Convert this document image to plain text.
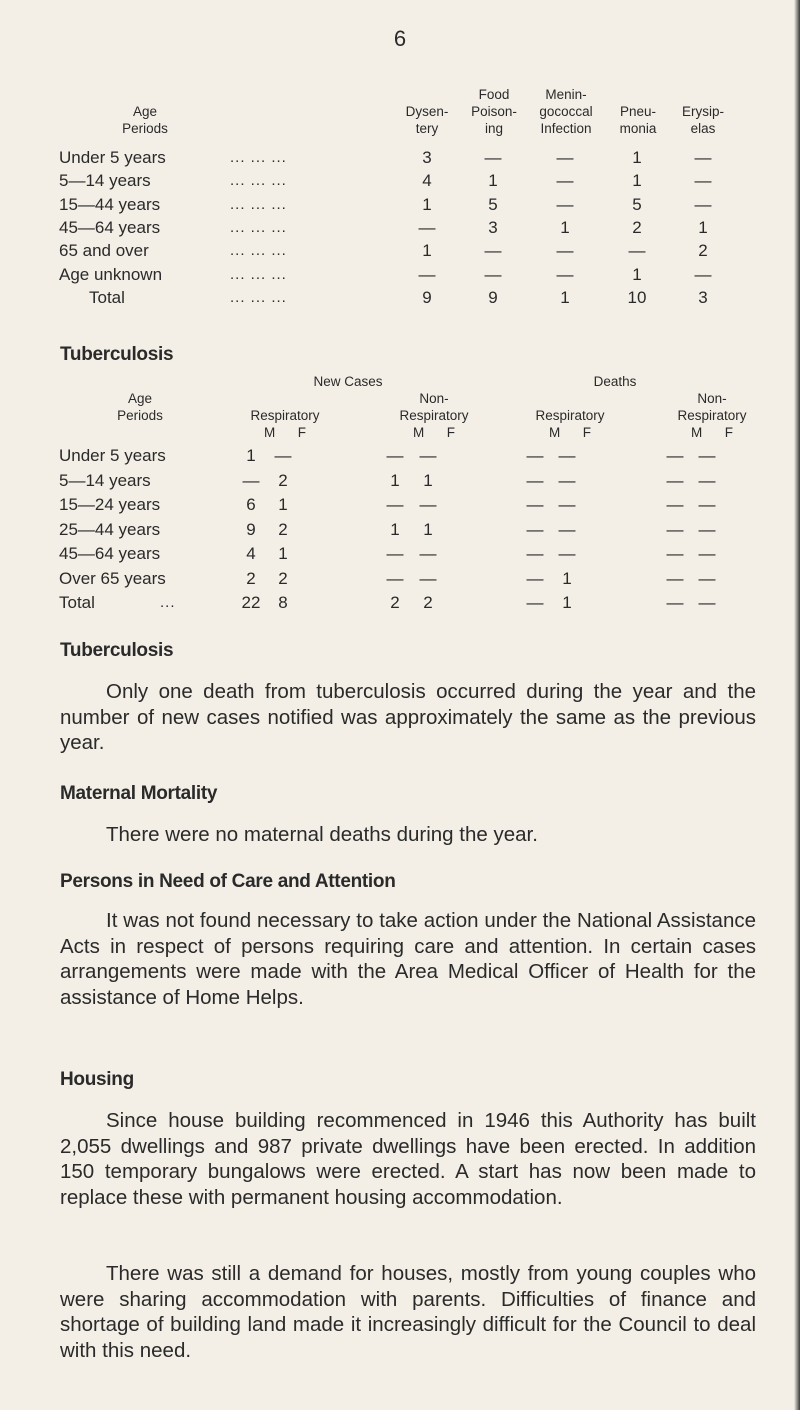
6
Age
Periods
Dysen-
tery
Food
Poison-
ing
Menin-
gococcal
Infection
Pneu-
monia
Erysip-
elas
Under 5 years	... ... ...	3	—	—	1	—
5—14 years	... ... ...	4	1	—	1	—
15—44 years	... ... ...	1	5	—	5	—
45—64 years	... ... ...	—	3	1	2	1
65 and over	... ... ...	1	—	—	—	2
Age unknown	... ... ...	—	—	—	1	—
Total	... ... ...	9	9	1	10	3
Tuberculosis
New Cases	Deaths
Age
Periods	Respiratory
M F
Non-
Respiratory
M F
Respiratory
M F
Non-
Respiratory
M F
Under 5 years	1	—	— —	— —	— —
5—14 years	—	2	1	1	— —	— —
15—24 years	6	1	— —	— —	— —
25—44 years	9	2	1	1	— —	— —
45—64 years	4	1	— —	— —	— —
Over 65 years	2	2	— —	—	1	— —
Total	...	22	8	2	2	—	1	— —
Tuberculosis

Only one death from tuberculosis occurred during the year and the number of new cases notified was approximately the same as the previous year.

Maternal Mortality

There were no maternal deaths during the year.

Persons in Need of Care and Attention

It was not found necessary to take action under the National Assistance Acts in respect of persons requiring care and attention. In certain cases arrangements were made with the Area Medical Officer of Health for the assistance of Home Helps.

Housing

Since house building recommenced in 1946 this Authority has built 2,055 dwellings and 987 private dwellings have been erected. In addition 150 temporary bungalows were erected. A start has now been made to replace these with permanent housing accommodation.

There was still a demand for houses, mostly from young couples who were sharing accommodation with parents. Difficulties of finance and shortage of building land made it increasingly difficult for the Council to deal with this need.
